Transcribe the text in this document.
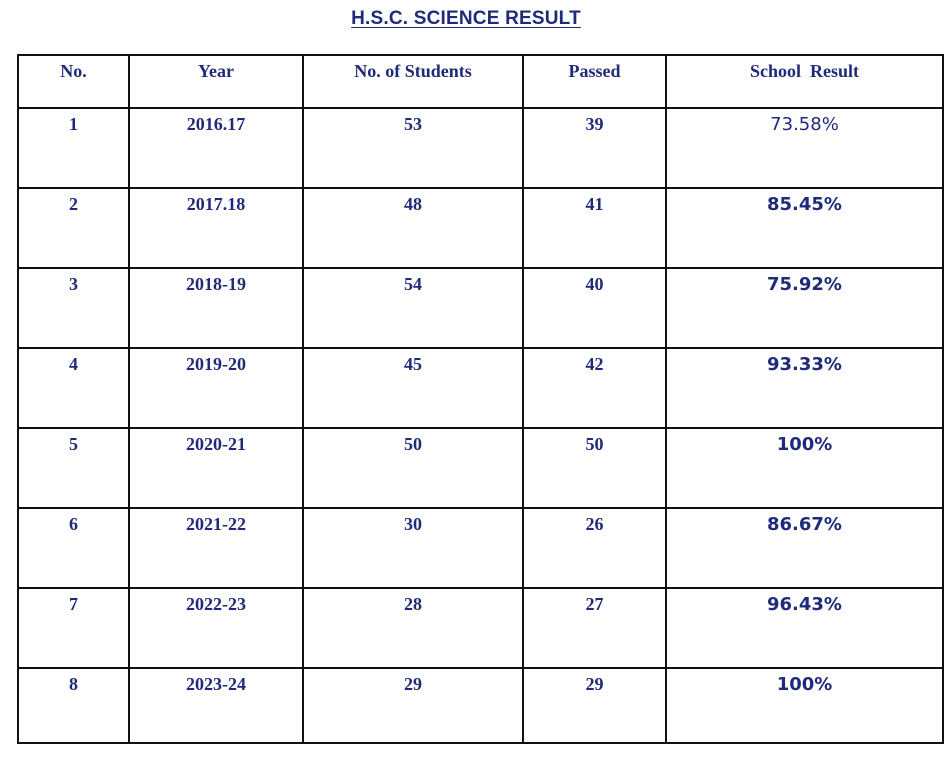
H.S.C. SCIENCE RESULT
No.	Year	No. of Students	Passed	School  Result
1	2016.17	53	39	73.58%
2	2017.18	48	41	85.45%
3	2018-19	54	40	75.92%
4	2019-20	45	42	93.33%
5	2020-21	50	50	100%
6	2021-22	30	26	86.67%
7	2022-23	28	27	96.43%
8	2023-24	29	29	100%
